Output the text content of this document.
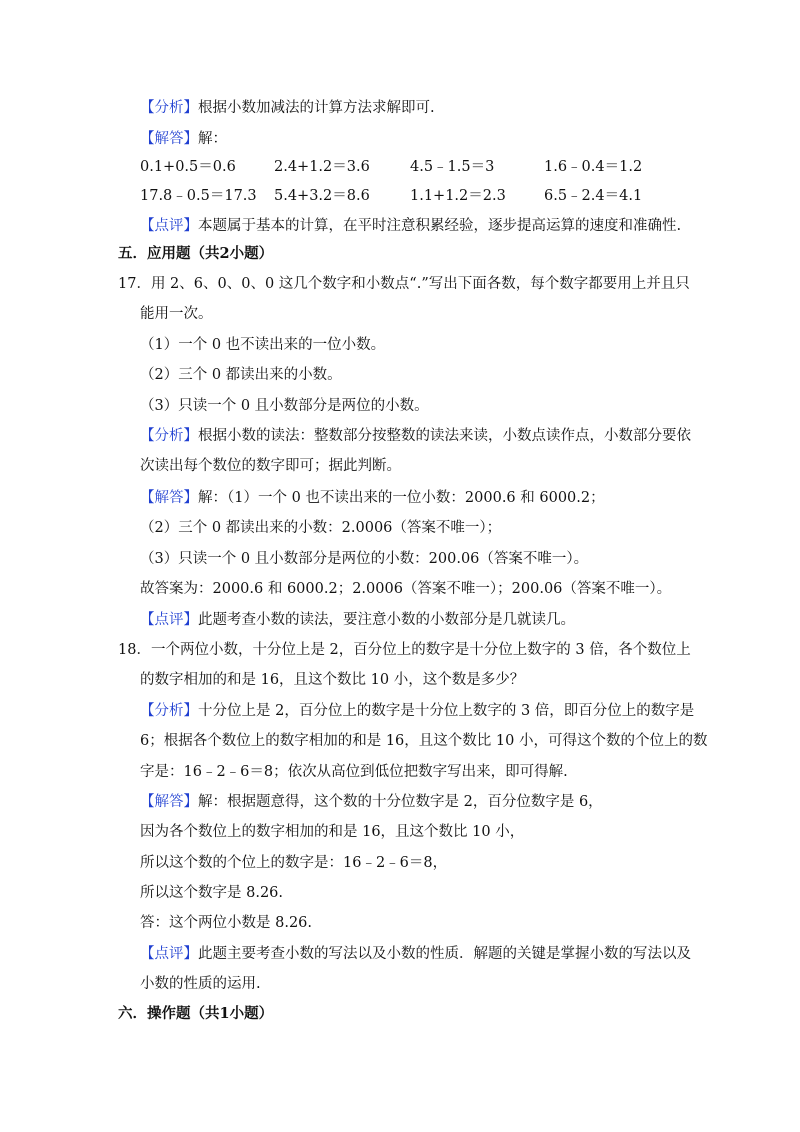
【分析】根据小数加减法的计算方法求解即可.
【解答】解：
0.1+0.5＝0.6	2.4+1.2＝3.6	4.5﹣1.5＝3	1.6﹣0.4＝1.2
17.8﹣0.5＝17.3 5.4+3.2＝8.6	1.1+1.2＝2.3	6.5﹣2.4＝4.1
【点评】本题属于基本的计算，在平时注意积累经验，逐步提高运算的速度和准确性.
五．应用题（共2小题）
17．用 2、6、0、0、0 这几个数字和小数点“.”写出下面各数，每个数字都要用上并且只
能用一次。
（1）一个 0 也不读出来的一位小数。
（2）三个 0 都读出来的小数。
（3）只读一个 0 且小数部分是两位的小数。
【分析】根据小数的读法：整数部分按整数的读法来读，小数点读作点，小数部分要依
次读出每个数位的数字即可；据此判断。
【解答】解：（1）一个 0 也不读出来的一位小数：2000.6 和 6000.2；
（2）三个 0 都读出来的小数：2.0006（答案不唯一）；
（3）只读一个 0 且小数部分是两位的小数：200.06（答案不唯一）。
故答案为：2000.6 和 6000.2；2.0006（答案不唯一）；200.06（答案不唯一）。
【点评】此题考查小数的读法，要注意小数的小数部分是几就读几。
18．一个两位小数，十分位上是 2，百分位上的数字是十分位上数字的 3 倍，各个数位上
的数字相加的和是 16，且这个数比 10 小，这个数是多少？
【分析】十分位上是 2，百分位上的数字是十分位上数字的 3 倍，即百分位上的数字是
6；根据各个数位上的数字相加的和是 16，且这个数比 10 小，可得这个数的个位上的数
字是：16﹣2﹣6＝8；依次从高位到低位把数字写出来，即可得解.
【解答】解：根据题意得，这个数的十分位数字是 2，百分位数字是 6，
因为各个数位上的数字相加的和是 16，且这个数比 10 小，
所以这个数的个位上的数字是：16﹣2﹣6＝8，
所以这个数字是 8.26.
答：这个两位小数是 8.26.
【点评】此题主要考查小数的写法以及小数的性质．解题的关键是掌握小数的写法以及
小数的性质的运用.
六．操作题（共1小题）
